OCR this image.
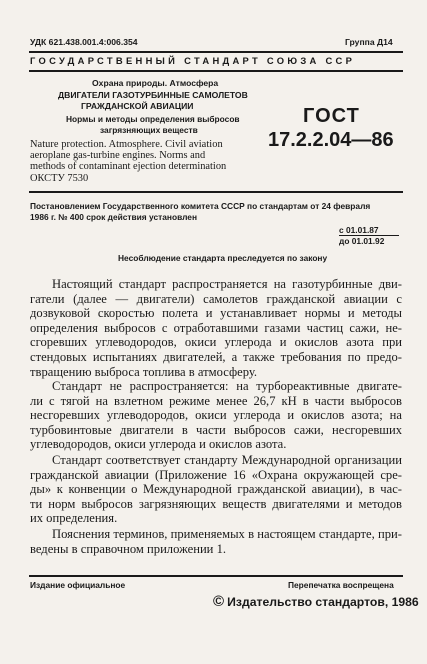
УДК 621.438.001.4:006.354	Группа Д14
ГОСУДАРСТВЕННЫЙ СТАНДАРТ СОЮЗА ССР
Охрана природы. Атмосфера
ДВИГАТЕЛИ ГАЗОТУРБИННЫЕ САМОЛЕТОВ
ГРАЖДАНСКОЙ АВИАЦИИ
Нормы и методы определения выбросов
загрязняющих веществ
Nature protection. Atmosphere. Civil aviation
aeroplane gas-turbine engines. Norms and
methods of contaminant ejection determination
ОКСТУ 7530
ГОСТ
17.2.2.04—86
Постановлением Государственного комитета СССР по стандартам от 24 февраля
1986 г. № 400 срок действия установлен
с 01.01.87
до 01.01.92
Несоблюдение стандарта преследуется по закону
Настоящий стандарт распространяется на газотурбинные дви-
гатели (далее — двигатели) самолетов гражданской авиации с
дозвуковой скоростью полета и устанавливает нормы и методы
определения выбросов с отработавшими газами частиц сажи, не-
сгоревших углеводородов, окиси углерода и окислов азота при
стендовых испытаниях двигателей, а также требования по предо-
твращению выброса топлива в атмосферу.
Стандарт не распространяется: на турбореактивные двигате-
ли с тягой на взлетном режиме менее 26,7 кН в части выбросов
несгоревших углеводородов, окиси углерода и окислов азота; на
турбовинтовые двигатели в части выбросов сажи, несгоревших
углеводородов, окиси углерода и окислов азота.
Стандарт соответствует стандарту Международной организации
гражданской авиации (Приложение 16 «Охрана окружающей сре-
ды» к конвенции о Международной гражданской авиации), в час-
ти норм выбросов загрязняющих веществ двигателями и методов
их определения.
Пояснения терминов, применяемых в настоящем стандарте, при-
ведены в справочном приложении 1.
Издание официальное	Перепечатка воспрещена
© Издательство стандартов, 1986
